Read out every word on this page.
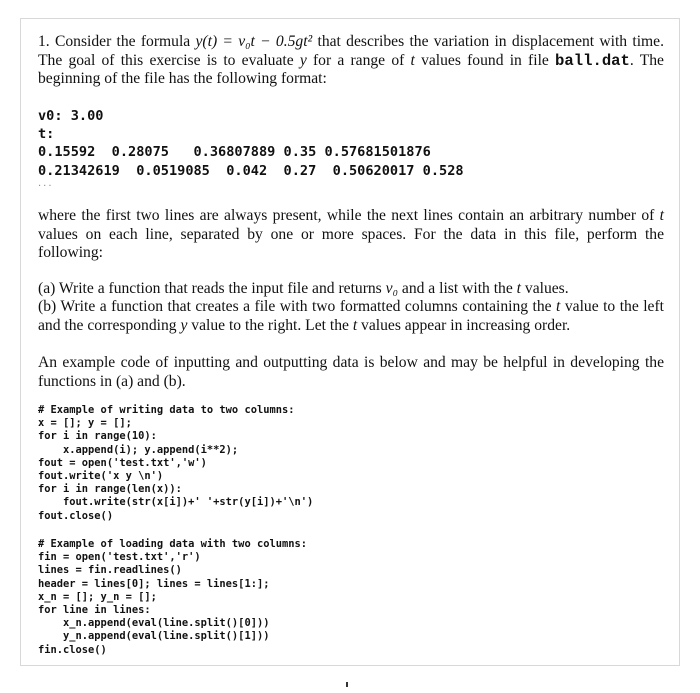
1. Consider the formula y(t) = v₀t − 0.5gt² that describes the variation in displacement with time. The goal of this exercise is to evaluate y for a range of t values found in file ball.dat. The beginning of the file has the following format:

v0: 3.00
t:
0.15592  0.28075   0.36807889 0.35 0.57681501876
0.21342619  0.0519085  0.042  0.27  0.50620017 0.528
...

where the first two lines are always present, while the next lines contain an arbitrary number of t values on each line, separated by one or more spaces. For the data in this file, perform the following:

(a) Write a function that reads the input file and returns v₀ and a list with the t values.

(b) Write a function that creates a file with two formatted columns containing the t value to the left and the corresponding y value to the right. Let the t values appear in increasing order.

An example code of inputting and outputting data is below and may be helpful in developing the functions in (a) and (b).

# Example of writing data to two columns:
x = []; y = [];
for i in range(10):
x.append(i); y.append(i**2);
fout = open('test.txt','w')
fout.write('x y \n')
for i in range(len(x)):
fout.write(str(x[i])+' '+str(y[i])+'\n')
fout.close()
# Example of loading data with two columns:
fin = open('test.txt','r')
lines = fin.readlines()
header = lines[0]; lines = lines[1:];
x_n = []; y_n = [];
for line in lines:
x_n.append(eval(line.split()[0]))
y_n.append(eval(line.split()[1]))
fin.close()
